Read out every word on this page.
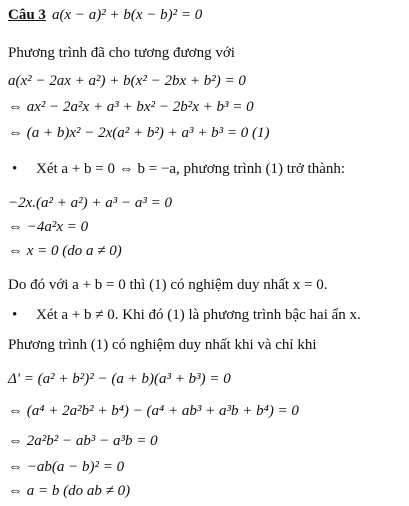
Câu 3 a(x − a)² + b(x − b)² = 0
Phương trình đã cho tương đương với
a(x² − 2ax + a²) + b(x² − 2bx + b²) = 0
⇔ ax² − 2a²x + a³ + bx² − 2b²x + b³ = 0
⇔ (a + b)x² − 2x(a² + b²) + a³ + b³ = 0 (1)
• Xét a + b = 0 ⇔ b = −a, phương trình (1) trở thành:
−2x.(a² + a²) + a³ − a³ = 0
⇔ −4a²x = 0
⇔ x = 0 (do a ≠ 0)
Do đó với a + b = 0 thì (1) có nghiệm duy nhất x = 0.
• Xét a + b ≠ 0. Khi đó (1) là phương trình bậc hai ẩn x.
Phương trình (1) có nghiệm duy nhất khi và chỉ khi
Δ' = (a² + b²)² − (a + b)(a³ + b³) = 0
⇔ (a⁴ + 2a²b² + b⁴) − (a⁴ + ab³ + a³b + b⁴) = 0
⇔ 2a²b² − ab³ − a³b = 0
⇔ −ab(a − b)² = 0
⇔ a = b (do ab ≠ 0)
